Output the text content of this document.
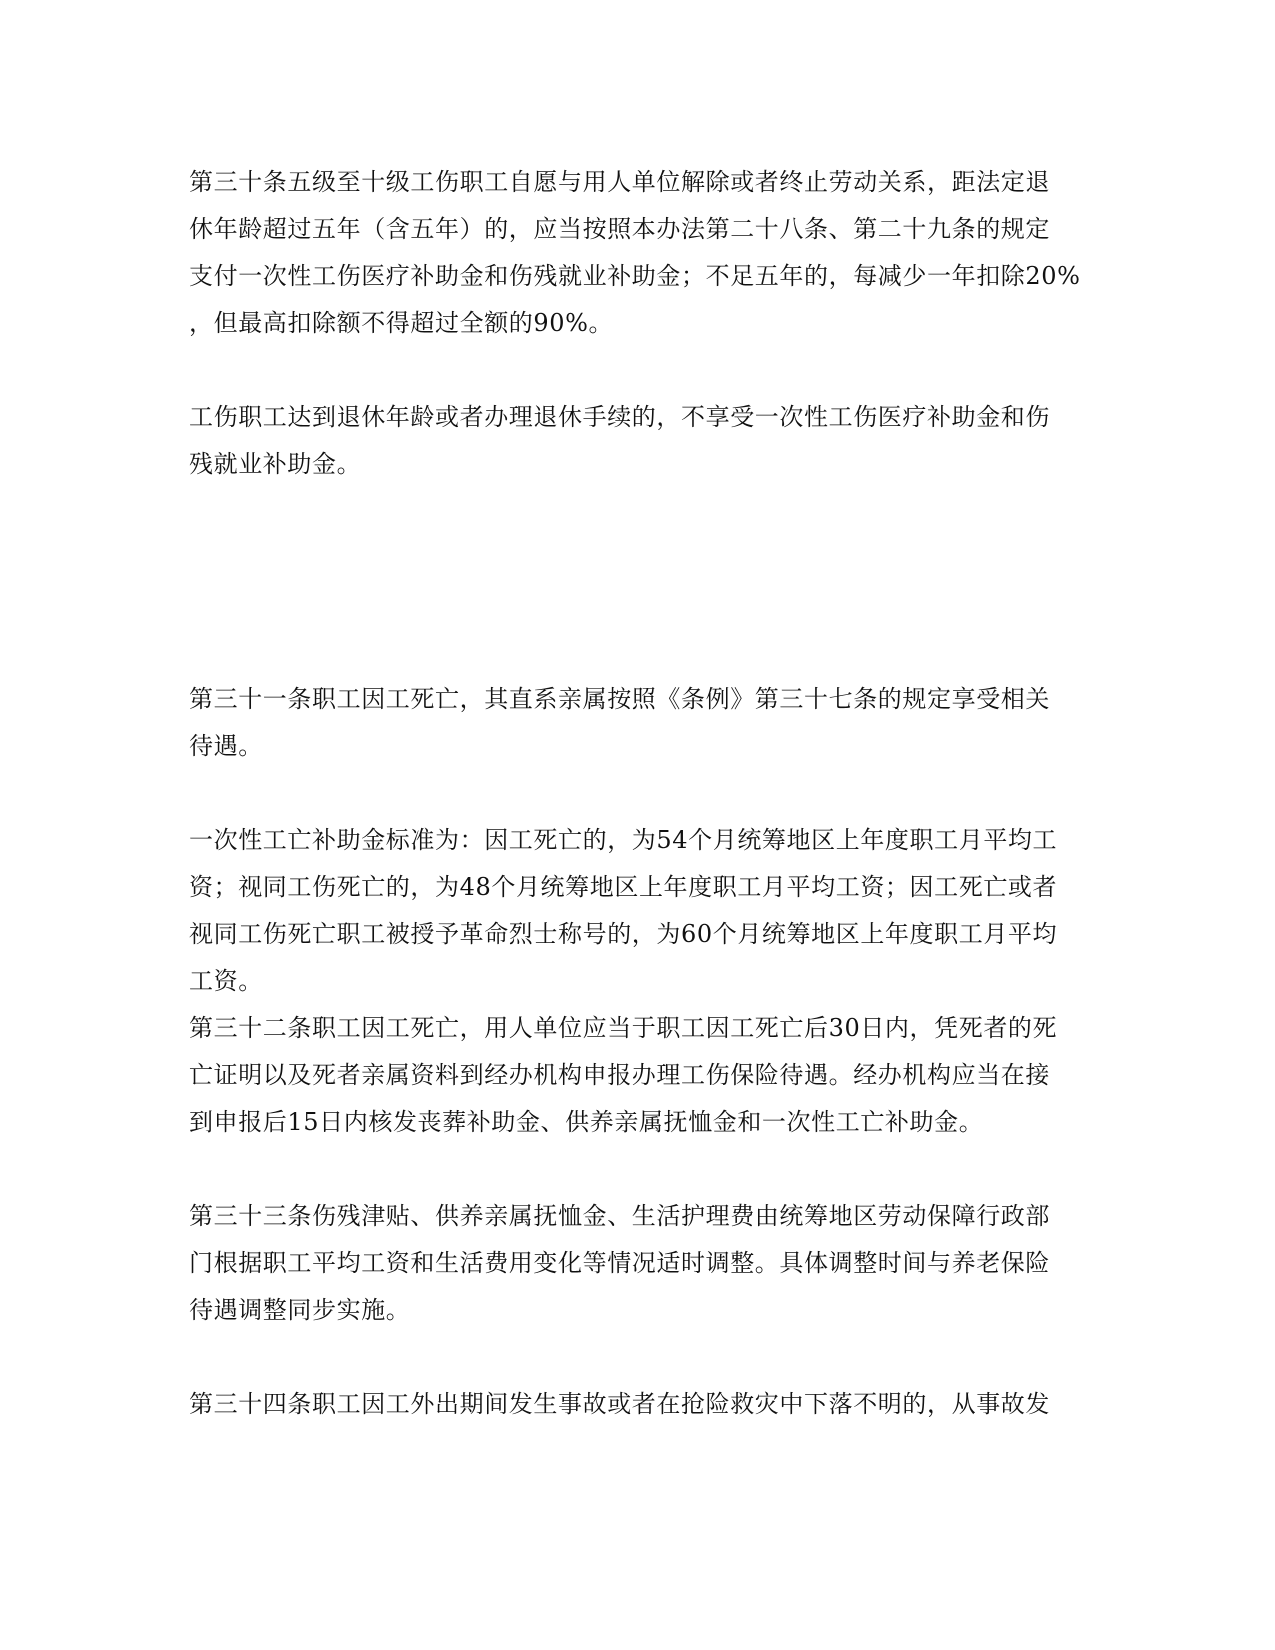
第三十条五级至十级工伤职工自愿与用人单位解除或者终止劳动关系，距法定退
休年龄超过五年（含五年）的，应当按照本办法第二十八条、第二十九条的规定
支付一次性工伤医疗补助金和伤残就业补助金；不足五年的，每减少一年扣除20%
，但最高扣除额不得超过全额的90%。
工伤职工达到退休年龄或者办理退休手续的，不享受一次性工伤医疗补助金和伤
残就业补助金。
第三十一条职工因工死亡，其直系亲属按照《条例》第三十七条的规定享受相关
待遇。
一次性工亡补助金标准为：因工死亡的，为54个月统筹地区上年度职工月平均工
资；视同工伤死亡的，为48个月统筹地区上年度职工月平均工资；因工死亡或者
视同工伤死亡职工被授予革命烈士称号的，为60个月统筹地区上年度职工月平均
工资。
第三十二条职工因工死亡，用人单位应当于职工因工死亡后30日内，凭死者的死
亡证明以及死者亲属资料到经办机构申报办理工伤保险待遇。经办机构应当在接
到申报后15日内核发丧葬补助金、供养亲属抚恤金和一次性工亡补助金。
第三十三条伤残津贴、供养亲属抚恤金、生活护理费由统筹地区劳动保障行政部
门根据职工平均工资和生活费用变化等情况适时调整。具体调整时间与养老保险
待遇调整同步实施。
第三十四条职工因工外出期间发生事故或者在抢险救灾中下落不明的，从事故发
